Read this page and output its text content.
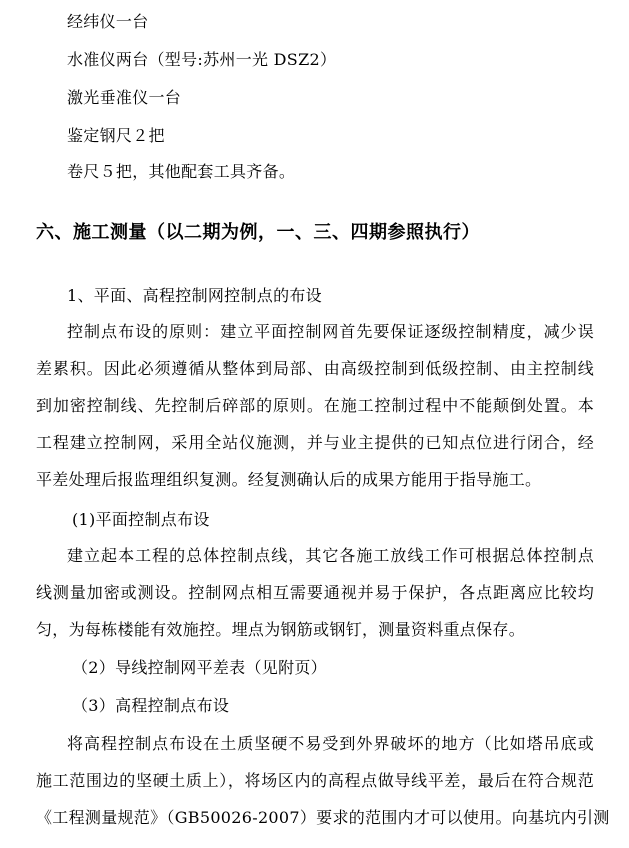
经纬仪一台
水准仪两台（型号:苏州一光 DSZ2）
激光垂准仪一台
鉴定钢尺２把
卷尺５把，其他配套工具齐备。
六、施工测量（以二期为例，一、三、四期参照执行）
1、平面、高程控制网控制点的布设
控制点布设的原则：建立平面控制网首先要保证逐级控制精度，减少误
差累积。因此必须遵循从整体到局部、由高级控制到低级控制、由主控制线
到加密控制线、先控制后碎部的原则。在施工控制过程中不能颠倒处置。本
工程建立控制网，采用全站仪施测，并与业主提供的已知点位进行闭合，经
平差处理后报监理组织复测。经复测确认后的成果方能用于指导施工。
(1)平面控制点布设
建立起本工程的总体控制点线，其它各施工放线工作可根据总体控制点
线测量加密或测设。控制网点相互需要通视并易于保护，各点距离应比较均
匀，为每栋楼能有效施控。埋点为钢筋或钢钉，测量资料重点保存。
（2）导线控制网平差表（见附页）
（3）高程控制点布设
将高程控制点布设在土质坚硬不易受到外界破坏的地方（比如塔吊底或
施工范围边的坚硬土质上），将场区内的高程点做导线平差，最后在符合规范
《工程测量规范》（GB50026-2007）要求的范围内才可以使用。向基坑内引测
